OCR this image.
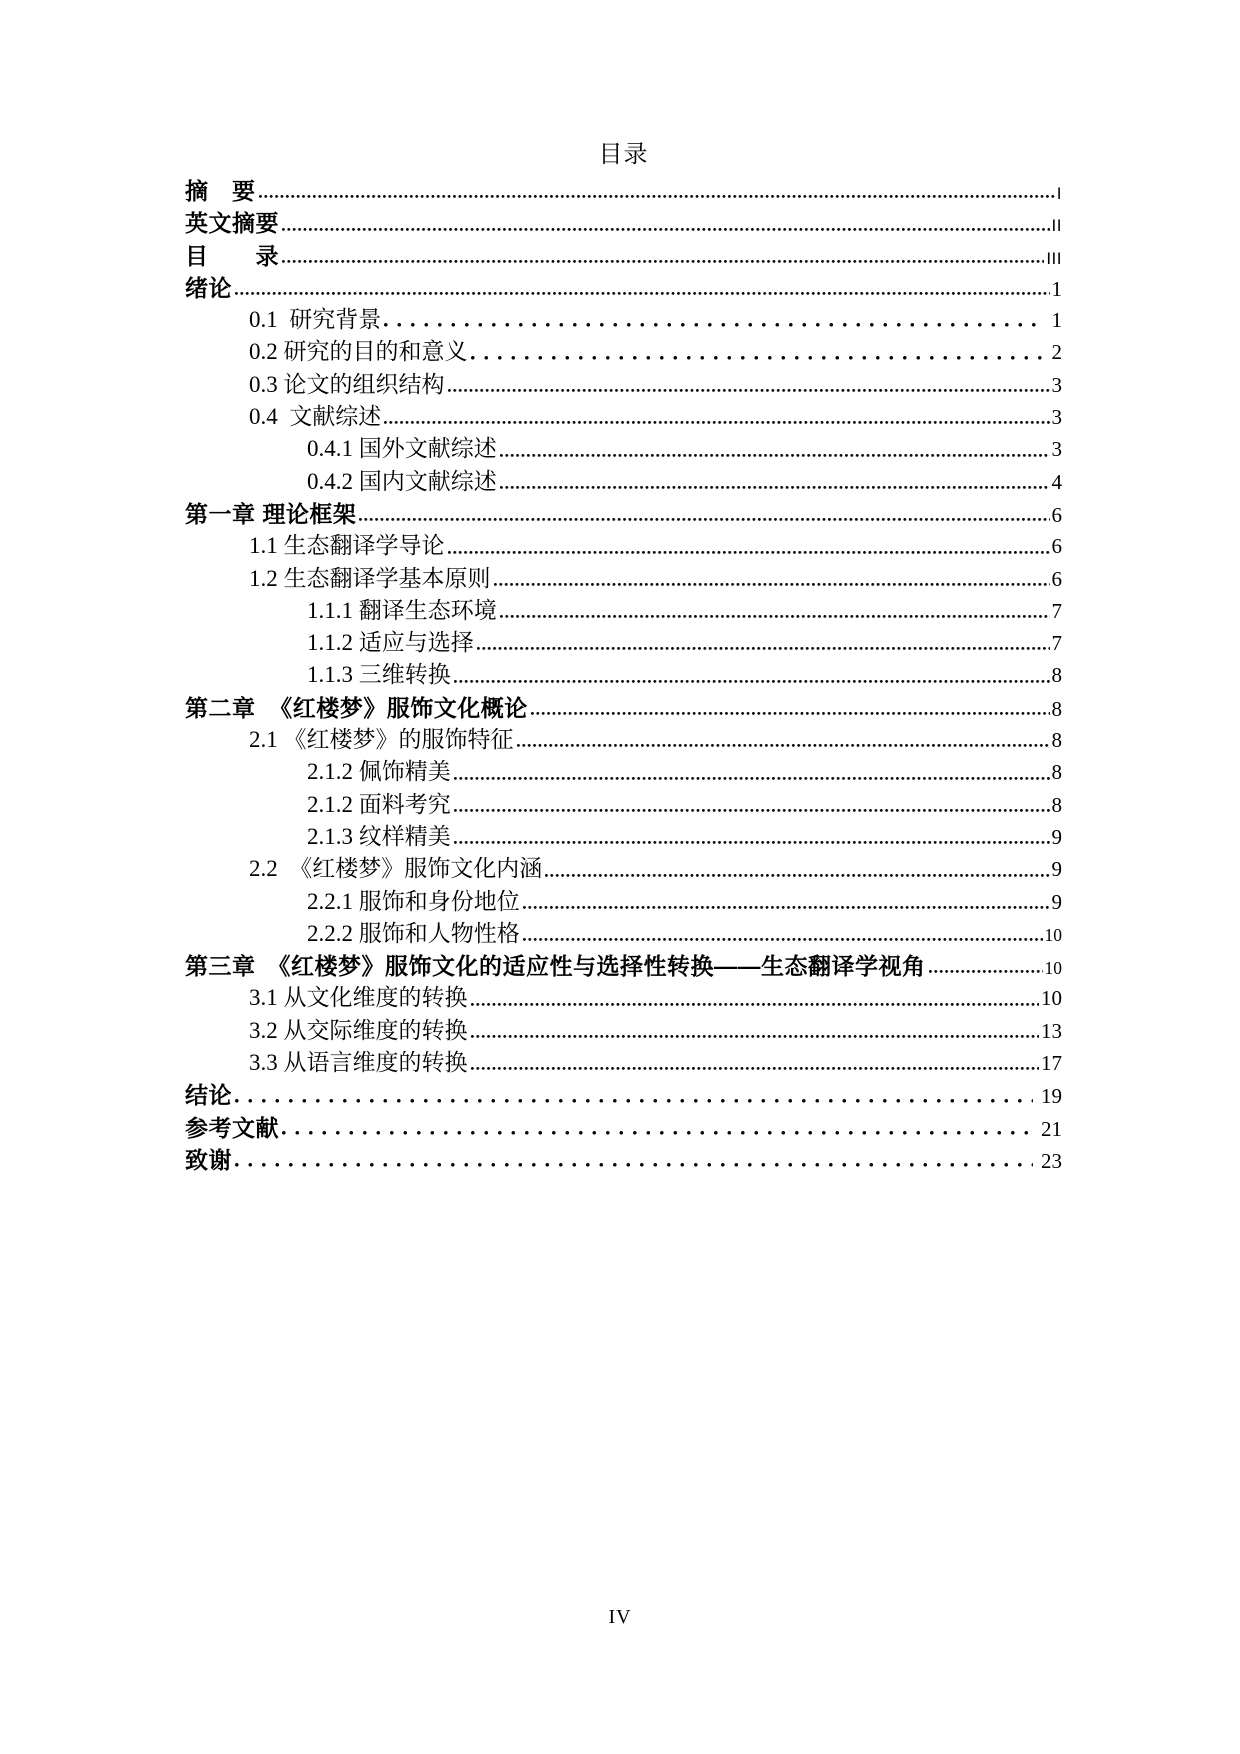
目录
摘　要	I
英文摘要	II
目　　录	III
绪论	1
0.1  研究背景	1
0.2 研究的目的和意义	2
0.3 论文的组织结构	3
0.4  文献综述	3
0.4.1 国外文献综述	3
0.4.2 国内文献综述	4
第一章 理论框架	6
1.1 生态翻译学导论	6
1.2 生态翻译学基本原则	6
1.1.1 翻译生态环境	7
1.1.2 适应与选择	7
1.1.3 三维转换	8
第二章  《红楼梦》服饰文化概论	8
2.1 《红楼梦》的服饰特征	8
2.1.2 佩饰精美	8
2.1.2 面料考究	8
2.1.3 纹样精美	9
2.2  《红楼梦》服饰文化内涵	9
2.2.1 服饰和身份地位	9
2.2.2 服饰和人物性格	10
第三章　《红楼梦》服饰文化的适应性与选择性转换——生态翻译学视角	10
3.1 从文化维度的转换	10
3.2 从交际维度的转换	13
3.3 从语言维度的转换	17
结论	19
参考文献	21
致谢	23
IV
